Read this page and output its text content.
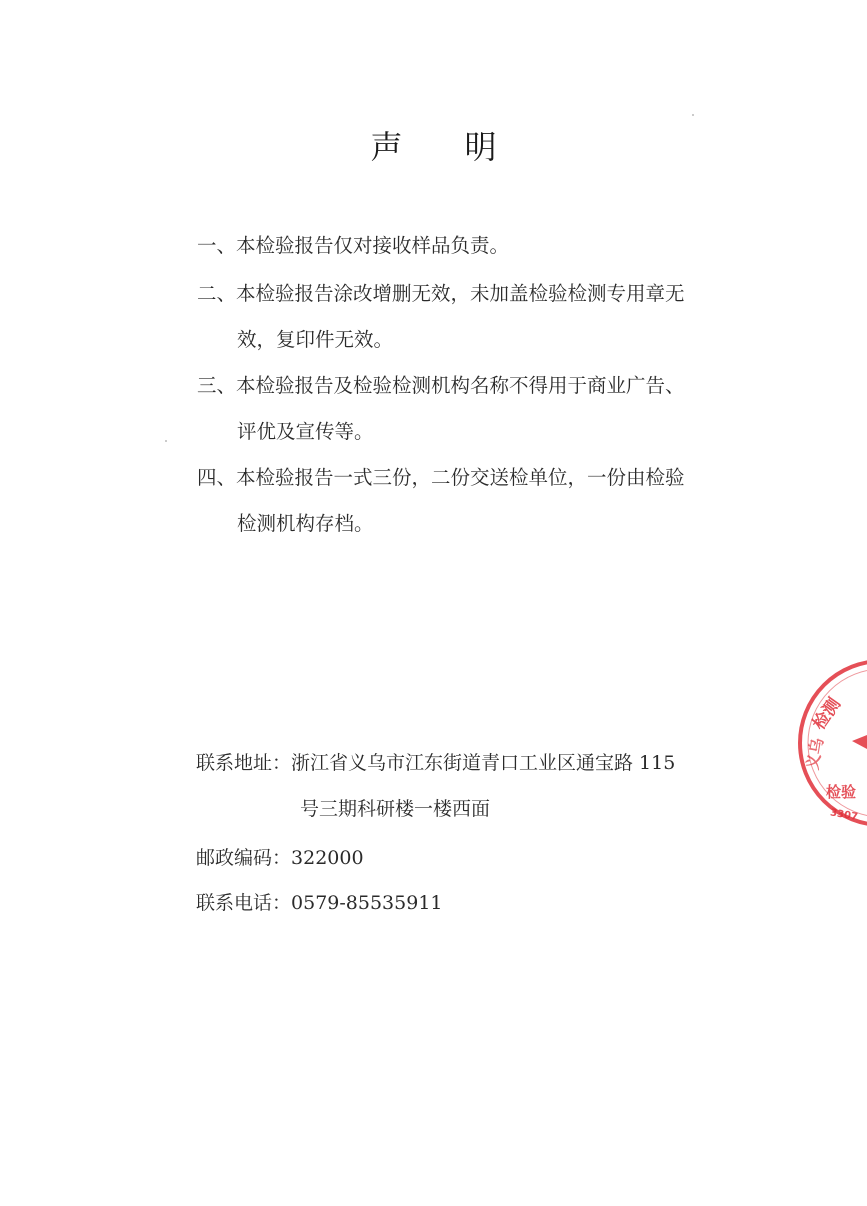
声 明
一、本检验报告仅对接收样品负责。
二、本检验报告涂改增删无效，未加盖检验检测专用章无
效，复印件无效。
三、本检验报告及检验检测机构名称不得用于商业广告、
评优及宣传等。
四、本检验报告一式三份，二份交送检单位，一份由检验
检测机构存档。
联系地址：浙江省义乌市江东街道青口工业区通宝路 115
号三期科研楼一楼西面
邮政编码：322000
联系电话：0579-85535911
检测
义乌
检验
3307
